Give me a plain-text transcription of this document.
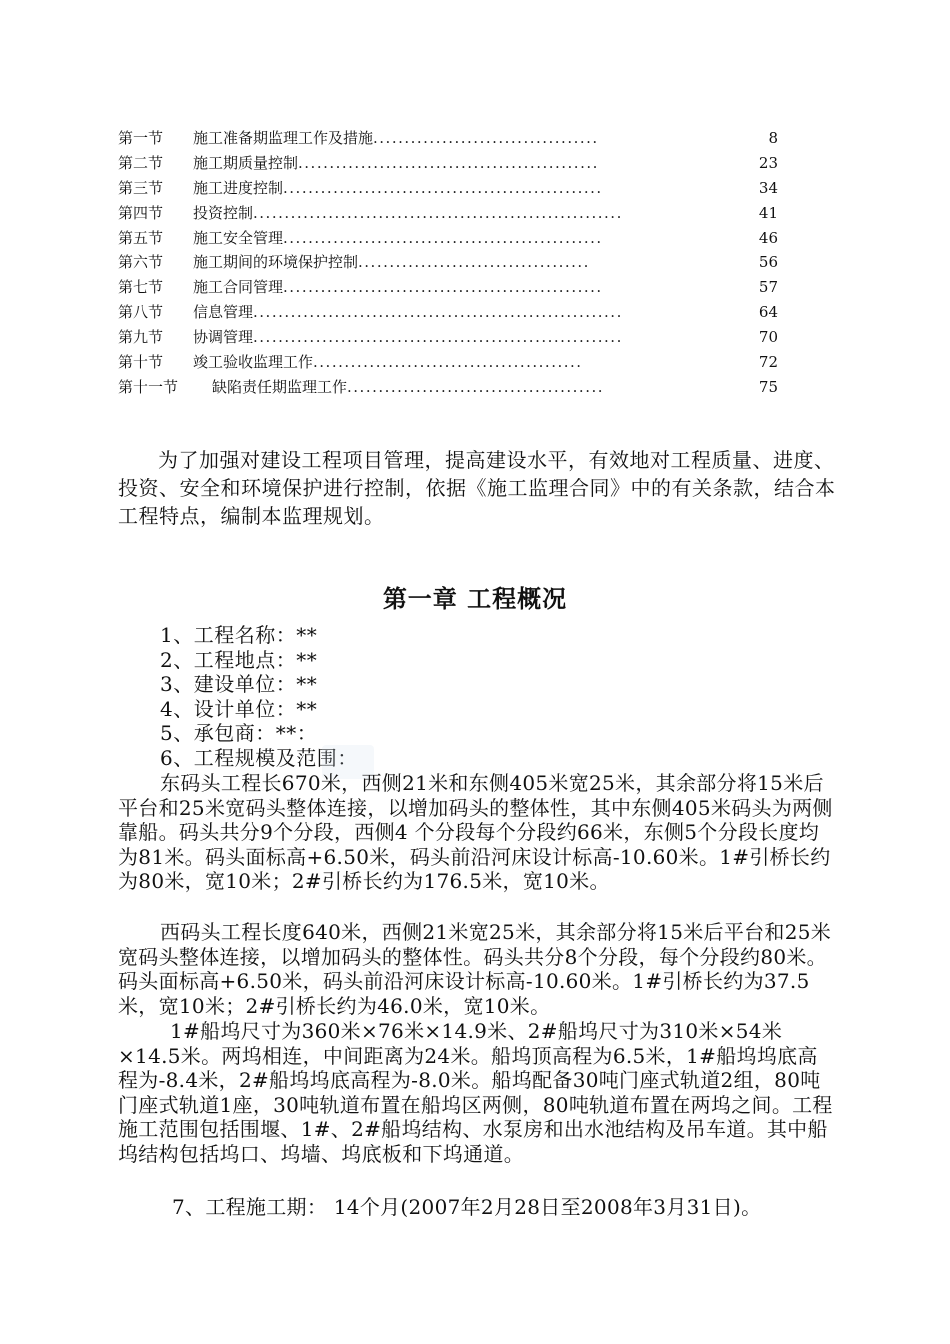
第一节 施工准备期监理工作及措施....................................	8
第二节 施工期质量控制................................................	23
第三节 施工进度控制...................................................	34
第四节 投资控制...........................................................	41
第五节 施工安全管理...................................................	46
第六节 施工期间的环境保护控制.....................................	56
第七节 施工合同管理...................................................	57
第八节 信息管理...........................................................	64
第九节 协调管理...........................................................	70
第十节 竣工验收监理工作...........................................	72
第十一节 缺陷责任期监理工作.........................................	75

为了加强对建设工程项目管理，提高建设水平，有效地对工程质量、进度、投资、安全和环境保护进行控制，依据《施工监理合同》中的有关条款，结合本工程特点，编制本监理规划。

第一章 工程概况
1、工程名称：**
2、工程地点：**
3、建设单位：**
4、设计单位：**
5、承包商：**：
6、工程规模及范围：

东码头工程长670米，西侧21米和东侧405米宽25米，其余部分将15米后平台和25米宽码头整体连接，以增加码头的整体性，其中东侧405米码头为两侧靠船。码头共分9个分段，西侧4 个分段每个分段约66米，东侧5个分段长度均为81米。码头面标高+6.50米，码头前沿河床设计标高-10.60米。1#引桥长约为80米，宽10米；2#引桥长约为176.5米，宽10米。

西码头工程长度640米，西侧21米宽25米，其余部分将15米后平台和25米宽码头整体连接，以增加码头的整体性。码头共分8个分段，每个分段约80米。码头面标高+6.50米，码头前沿河床设计标高-10.60米。1#引桥长约为37.5米，宽10米；2#引桥长约为46.0米，宽10米。

1#船坞尺寸为360米×76米×14.9米、2#船坞尺寸为310米×54米×14.5米。两坞相连，中间距离为24米。船坞顶高程为6.5米，1#船坞坞底高程为-8.4米，2#船坞坞底高程为-8.0米。船坞配备30吨门座式轨道2组，80吨门座式轨道1座，30吨轨道布置在船坞区两侧，80吨轨道布置在两坞之间。工程施工范围包括围堰、1#、2#船坞结构、水泵房和出水池结构及吊车道。其中船坞结构包括坞口、坞墙、坞底板和下坞通道。

7、工程施工期： 14个月(2007年2月28日至2008年3月31日)。
